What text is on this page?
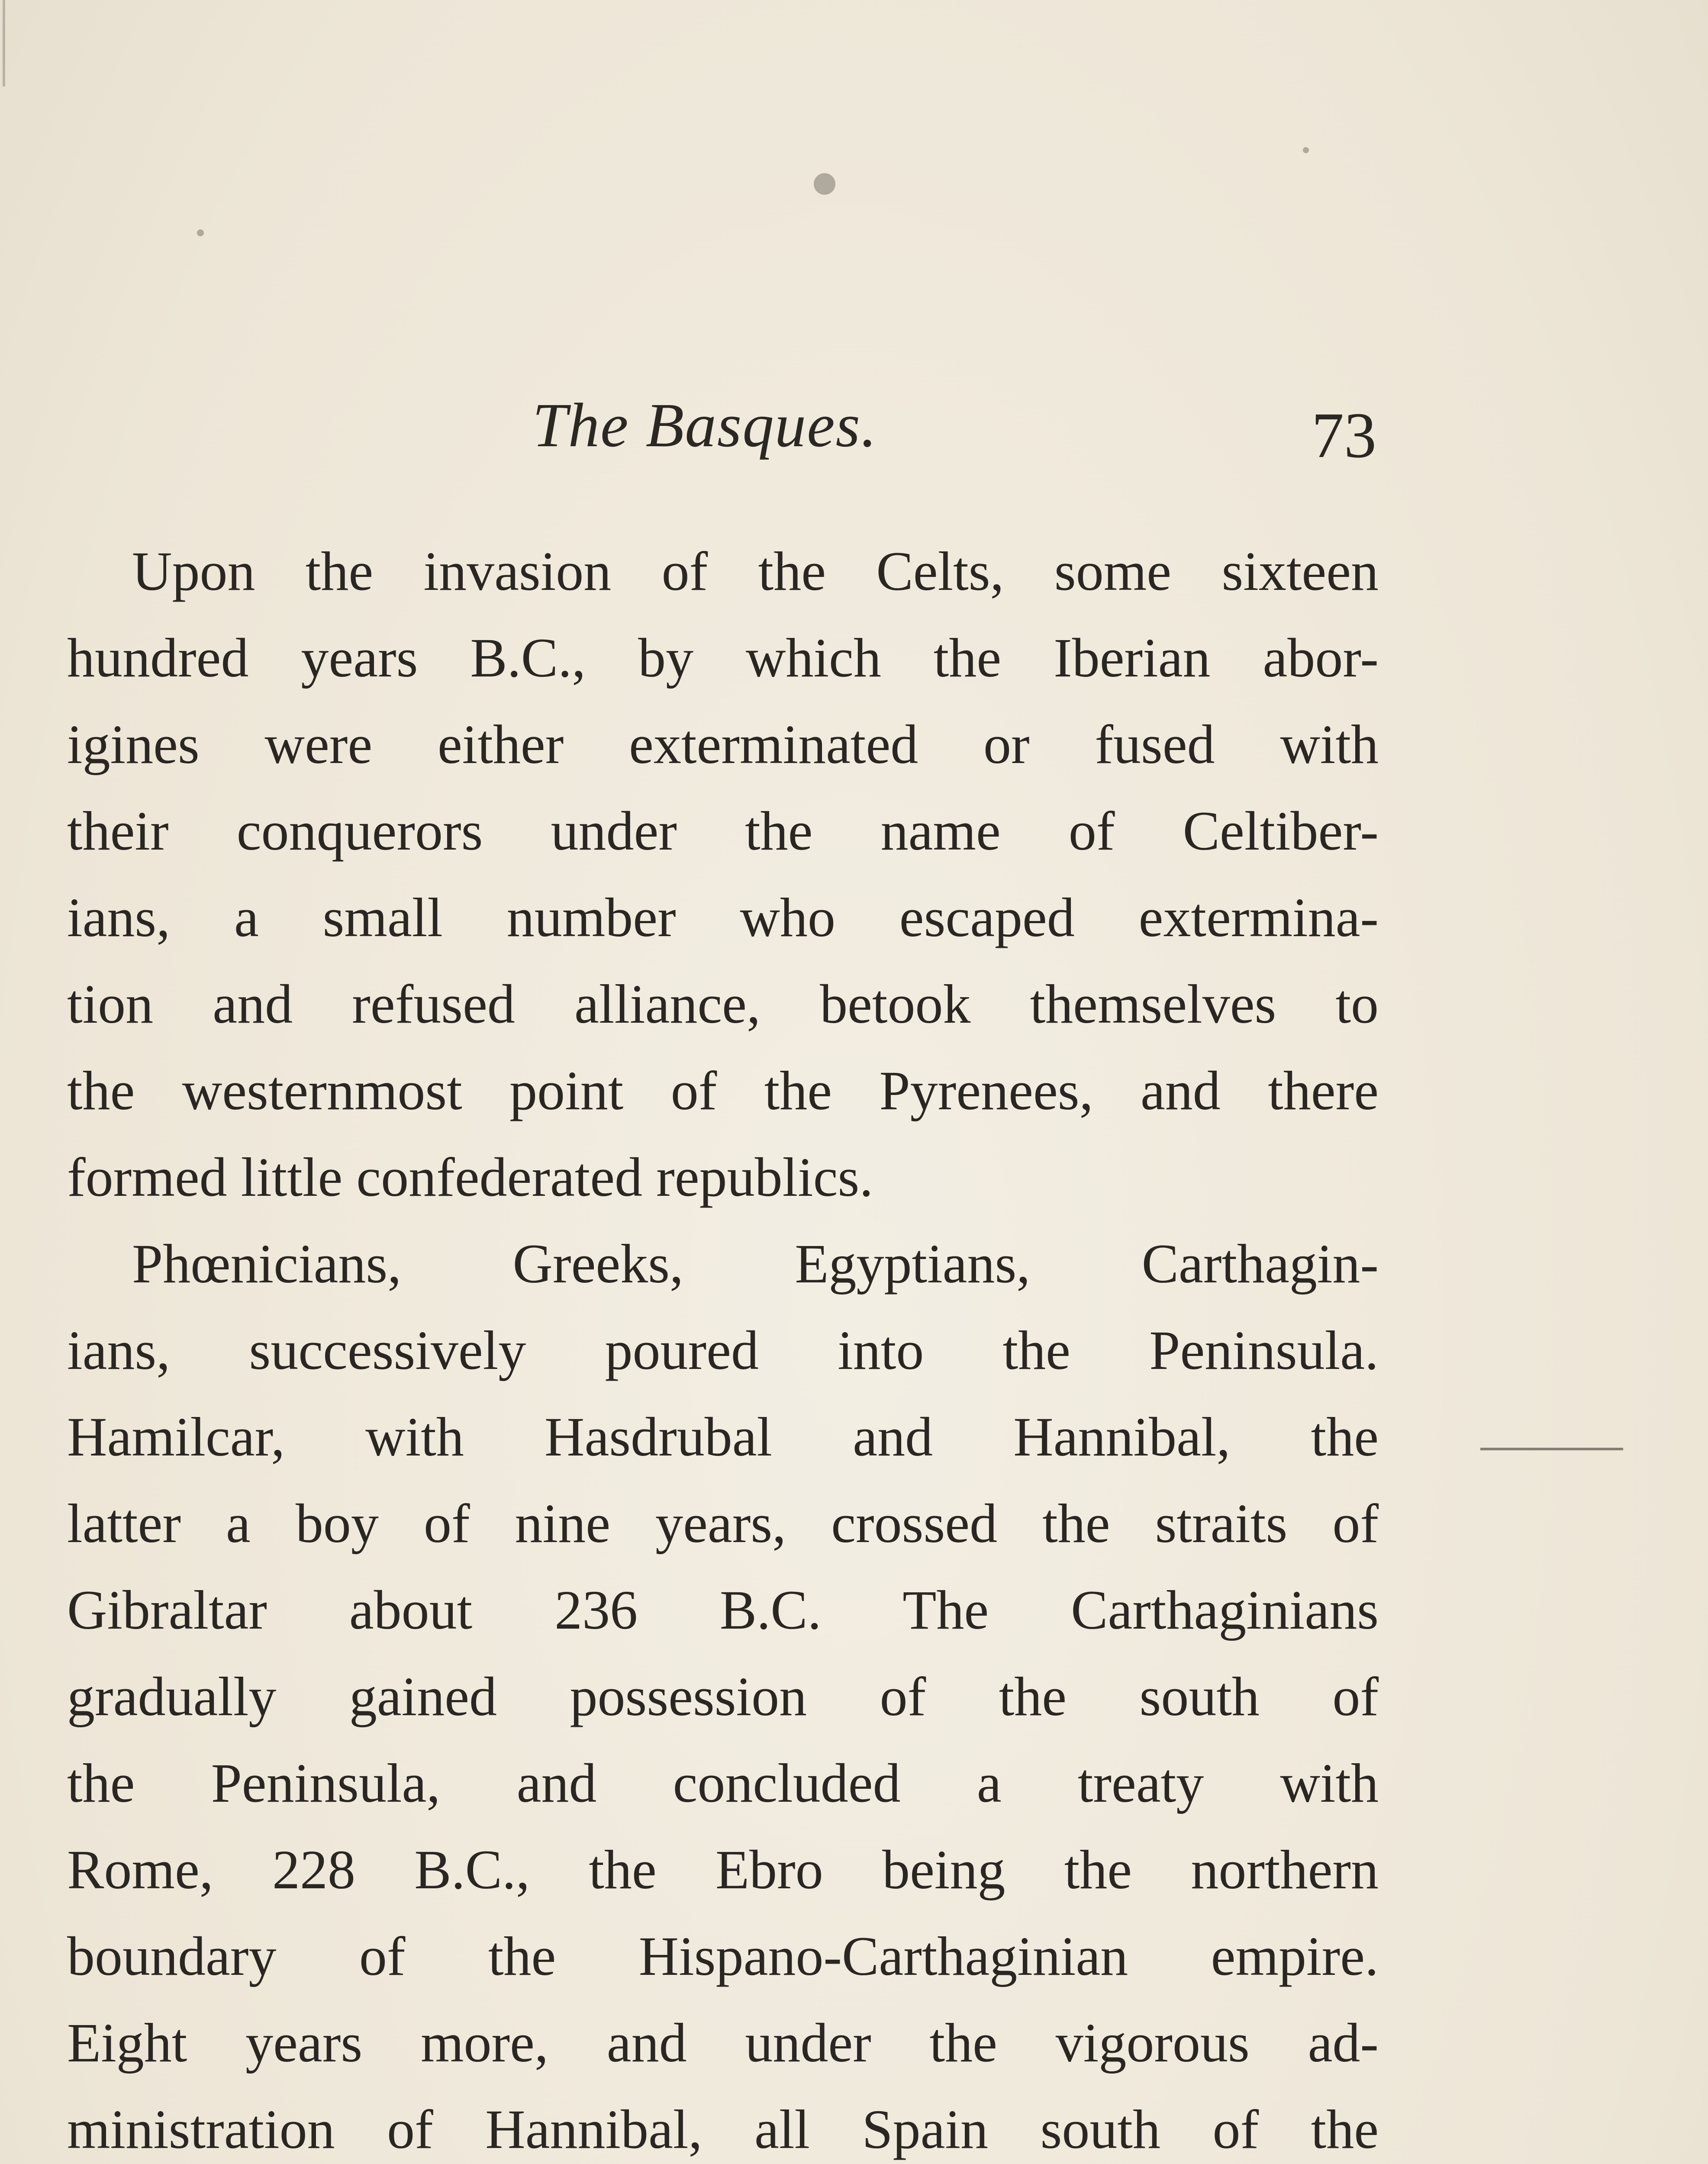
The Basques.	73
Upon the invasion of the Celts, some sixteen
hundred years B.C., by which the Iberian abor-
igines were either exterminated or fused with
their conquerors under the name of Celtiber-
ians, a small number who escaped extermina-
tion and refused alliance, betook themselves to
the westernmost point of the Pyrenees, and there
formed little confederated republics.
Phœnicians, Greeks, Egyptians, Carthagin-
ians, successively poured into the Peninsula.
Hamilcar, with Hasdrubal and Hannibal, the
latter a boy of nine years, crossed the straits of
Gibraltar about 236 B.C. The Carthaginians
gradually gained possession of the south of
the Peninsula, and concluded a treaty with
Rome, 228 B.C., the Ebro being the northern
boundary of the Hispano-Carthaginian empire.
Eight years more, and under the vigorous ad-
ministration of Hannibal, all Spain south of the
